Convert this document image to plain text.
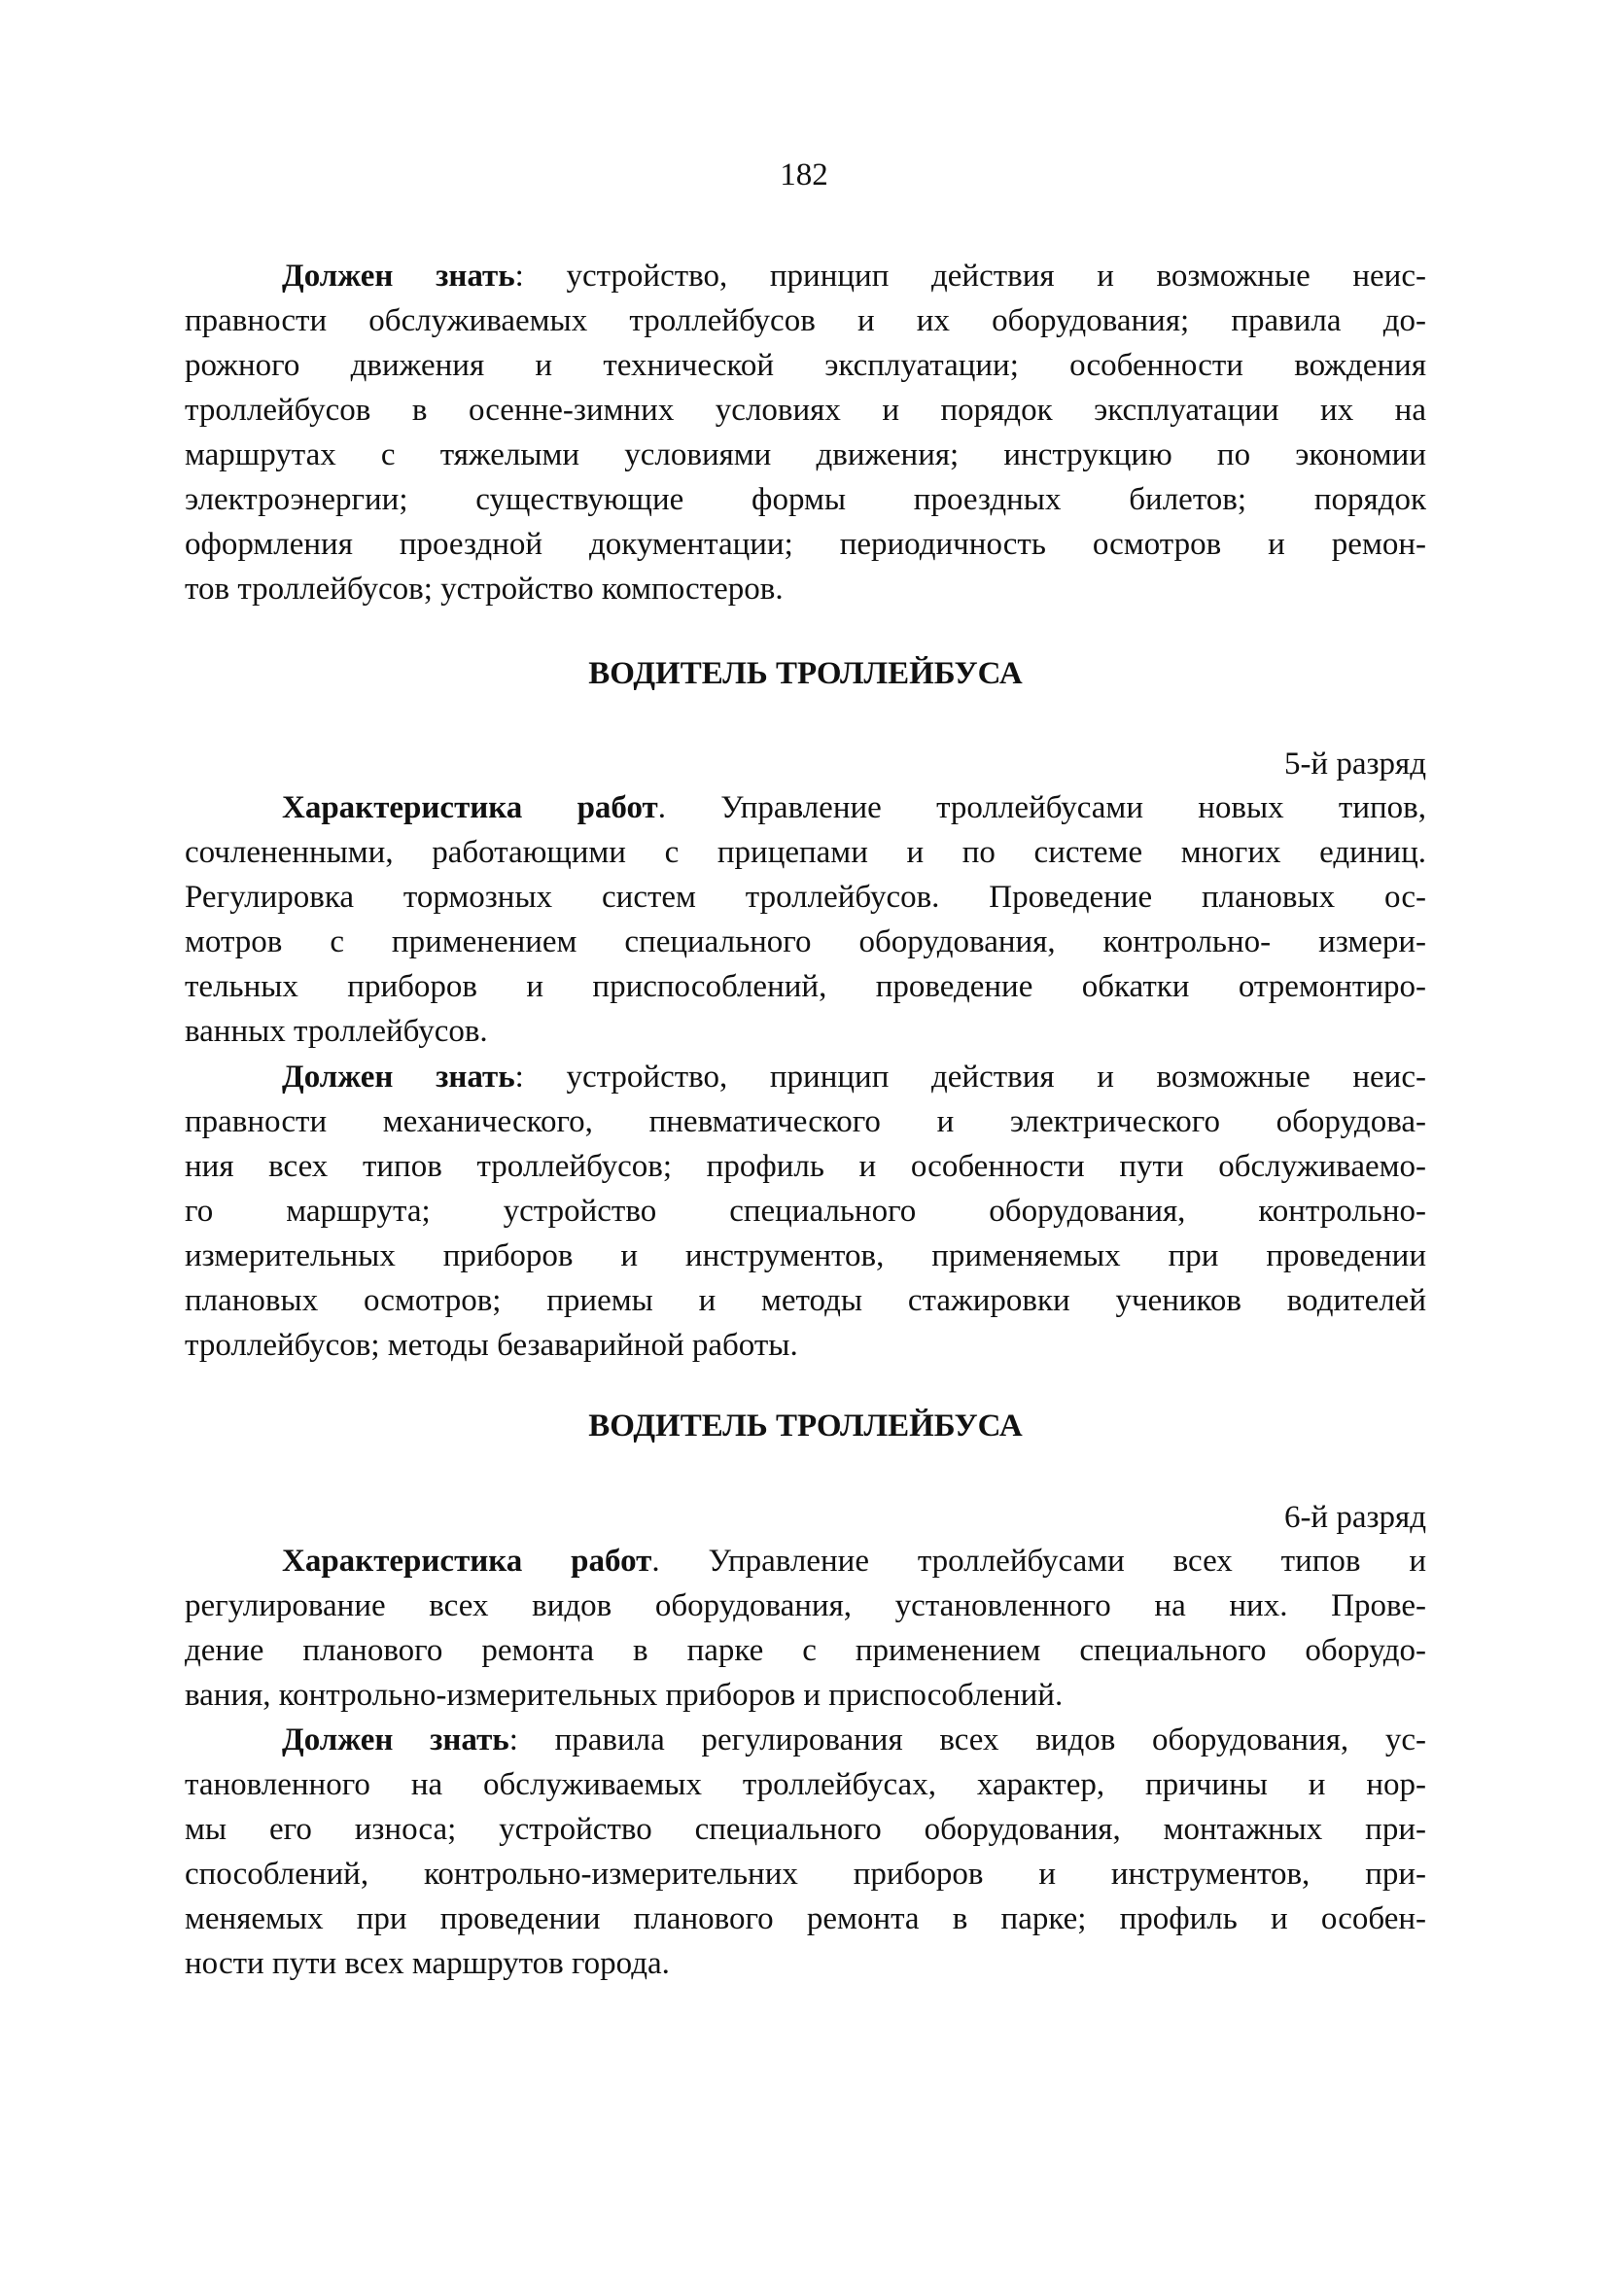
182
Должен знать: устройство, принцип действия и возможные неис-
правности обслуживаемых троллейбусов и их оборудования; правила до-
рожного движения и технической эксплуатации; особенности вождения
троллейбусов в осенне-зимних условиях и порядок эксплуатации их на
маршрутах с тяжелыми условиями движения; инструкцию по экономии
электроэнергии; существующие формы проездных билетов; порядок
оформления проездной документации; периодичность осмотров и ремон-
тов троллейбусов; устройство компостеров.
ВОДИТЕЛЬ ТРОЛЛЕЙБУСА
5-й разряд
Характеристика работ. Управление троллейбусами новых типов,
сочлененными, работающими с прицепами и по системе многих единиц.
Регулировка тормозных систем троллейбусов. Проведение плановых ос-
мотров с применением специального оборудования, контрольно- измери-
тельных приборов и приспособлений, проведение обкатки отремонтиро-
ванных троллейбусов.
Должен знать: устройство, принцип действия и возможные неис-
правности механического, пневматического и электрического оборудова-
ния всех типов троллейбусов; профиль и особенности пути обслуживаемо-
го маршрута; устройство специального оборудования, контрольно-
измерительных приборов и инструментов, применяемых при проведении
плановых осмотров; приемы и методы стажировки учеников водителей
троллейбусов; методы безаварийной работы.
ВОДИТЕЛЬ ТРОЛЛЕЙБУСА
6-й разряд
Характеристика работ. Управление троллейбусами всех типов и
регулирование всех видов оборудования, установленного на них. Прове-
дение планового ремонта в парке с применением специального оборудо-
вания, контрольно-измерительных приборов и приспособлений.
Должен знать: правила регулирования всех видов оборудования, ус-
тановленного на обслуживаемых троллейбусах, характер, причины и нор-
мы его износа; устройство специального оборудования, монтажных при-
способлений, контрольно-измерительних приборов и инструментов, при-
меняемых при проведении планового ремонта в парке; профиль и особен-
ности пути всех маршрутов города.
